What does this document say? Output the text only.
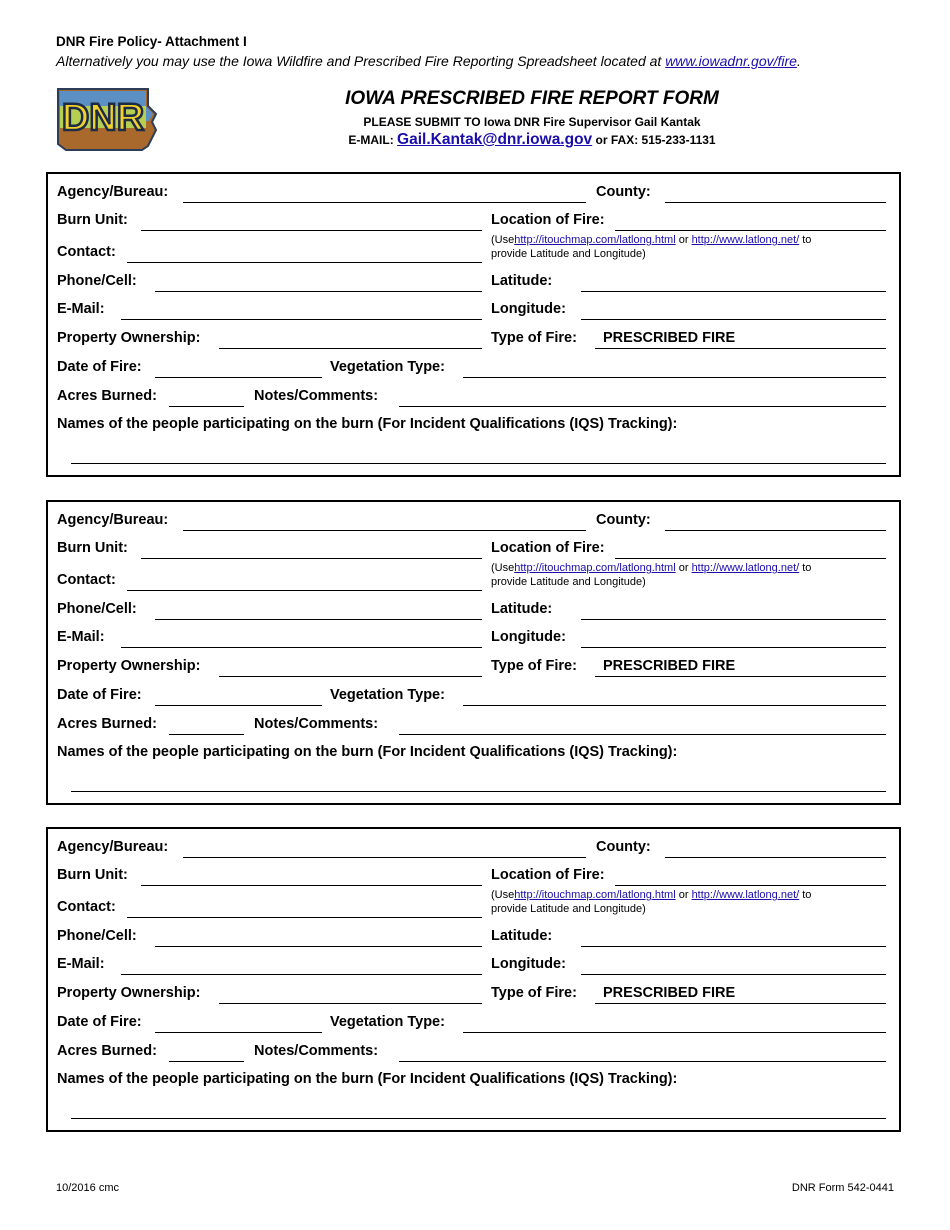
DNR Fire Policy- Attachment I
Alternatively you may use the Iowa Wildfire and Prescribed Fire Reporting Spreadsheet located at www.iowadnr.gov/fire.
DNR	IOWA PRESCRIBED FIRE REPORT FORM
PLEASE SUBMIT TO Iowa DNR Fire Supervisor Gail Kantak
E-MAIL: Gail.Kantak@dnr.iowa.gov or FAX: 515-233-1131
Agency/Bureau:	County:
Burn Unit:	Location of Fire:
Contact:
(Usehttp://itouchmap.com/latlong.html or http://www.latlong.net/ to
provide Latitude and Longitude)
Phone/Cell:	Latitude:
E-Mail:	Longitude:
Property Ownership:	Type of Fire: PRESCRIBED FIRE
Date of Fire:	Vegetation Type:
Acres Burned:	Notes/Comments:
Names of the people participating on the burn (For Incident Qualifications (IQS) Tracking):
Agency/Bureau:	County:
Burn Unit:	Location of Fire:
Contact:
(Usehttp://itouchmap.com/latlong.html or http://www.latlong.net/ to
provide Latitude and Longitude)
Phone/Cell:	Latitude:
E-Mail:	Longitude:
Property Ownership:	Type of Fire: PRESCRIBED FIRE
Date of Fire:	Vegetation Type:
Acres Burned:	Notes/Comments:
Names of the people participating on the burn (For Incident Qualifications (IQS) Tracking):
Agency/Bureau:	County:
Burn Unit:	Location of Fire:
Contact:
(Usehttp://itouchmap.com/latlong.html or http://www.latlong.net/ to
provide Latitude and Longitude)
Phone/Cell:	Latitude:
E-Mail:	Longitude:
Property Ownership:	Type of Fire: PRESCRIBED FIRE
Date of Fire:	Vegetation Type:
Acres Burned:	Notes/Comments:
Names of the people participating on the burn (For Incident Qualifications (IQS) Tracking):
10/2016 cmc	DNR Form 542-0441
